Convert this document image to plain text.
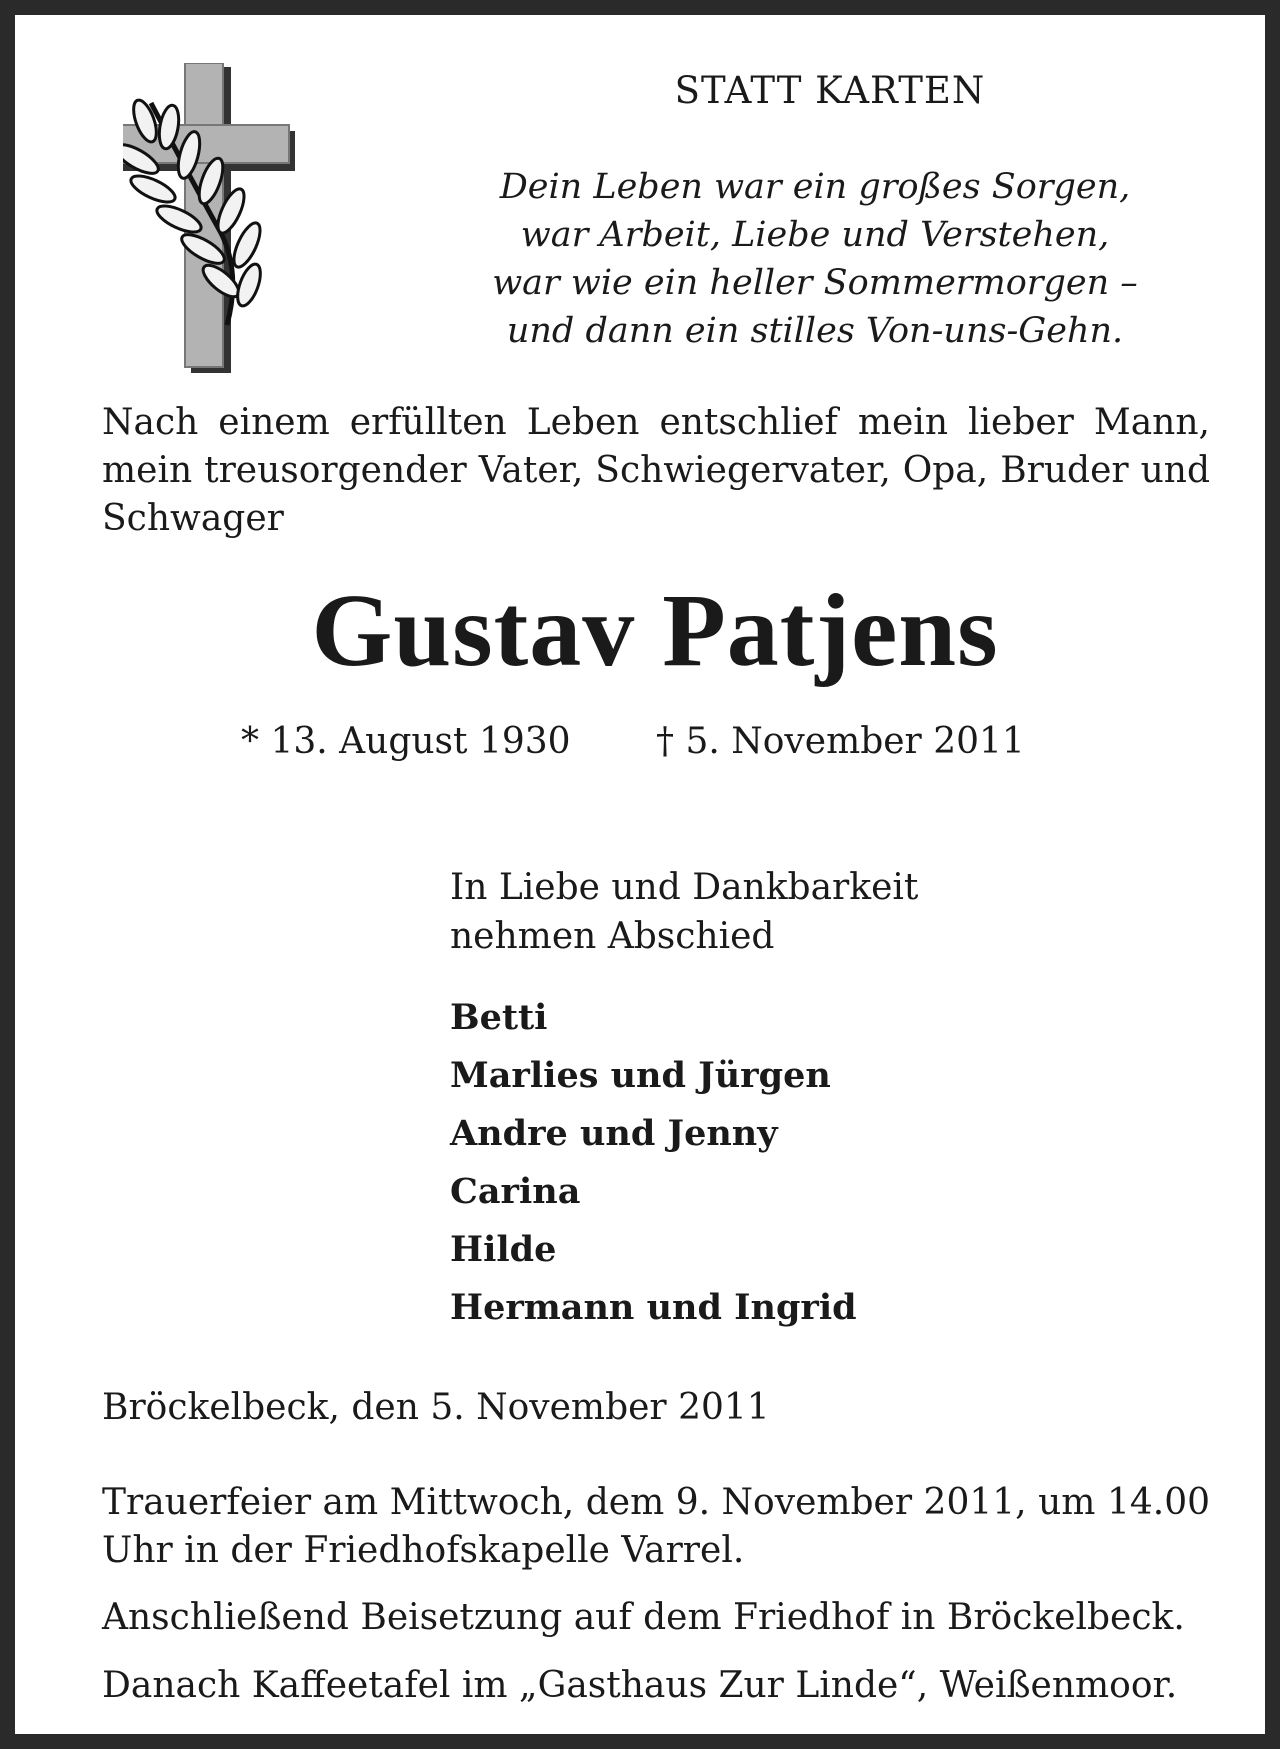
STATT KARTEN
Dein Leben war ein großes Sorgen,
war Arbeit, Liebe und Verstehen,
war wie ein heller Sommermorgen –
und dann ein stilles Von-uns-Gehn.
Nach einem erfüllten Leben entschlief mein lieber Mann, mein treusorgender Vater, Schwiegervater, Opa, Bruder und Schwager
Gustav Patjens
* 13. August 1930 † 5. November 2011
In Liebe und Dankbarkeit
nehmen Abschied
Betti
Marlies und Jürgen
Andre und Jenny
Carina
Hilde
Hermann und Ingrid
Bröckelbeck, den 5. November 2011
Trauerfeier am Mittwoch, dem 9. November 2011, um 14.00 Uhr in der Friedhofskapelle Varrel.
Anschließend Beisetzung auf dem Friedhof in Bröckelbeck.
Danach Kaffeetafel im „Gasthaus Zur Linde“, Weißenmoor.
